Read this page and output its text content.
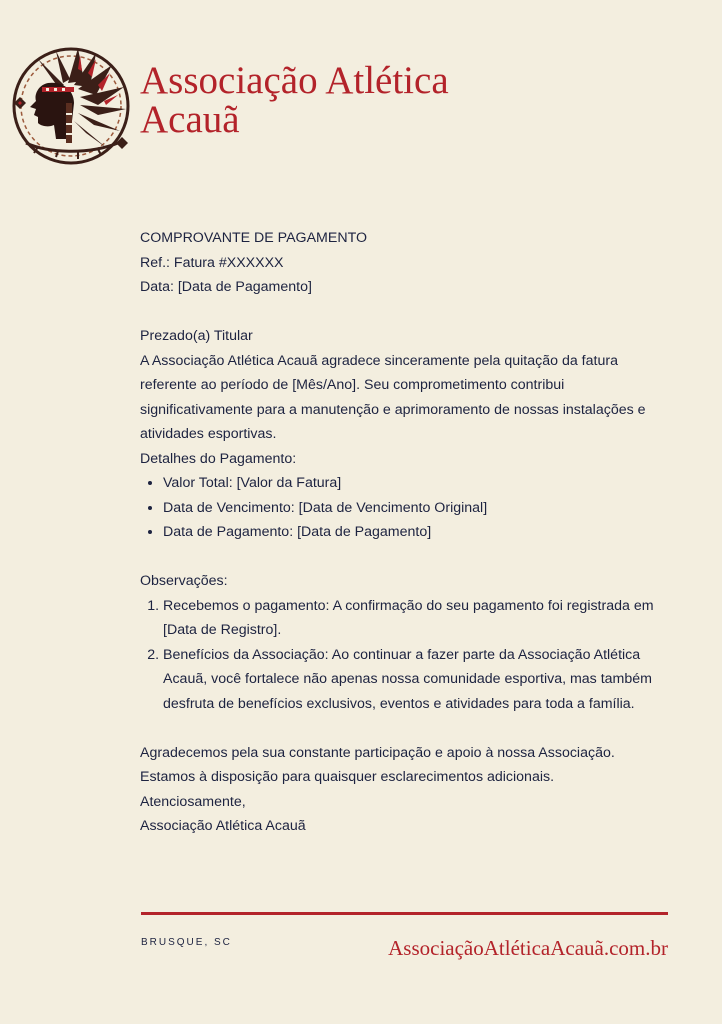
Associação Atlética
Acauã

COMPROVANTE DE PAGAMENTO

Ref.: Fatura #XXXXXX

Data: [Data de Pagamento]

Prezado(a) Titular

A Associação Atlética Acauã agradece sinceramente pela quitação da fatura referente ao período de [Mês/Ano]. Seu comprometimento contribui significativamente para a manutenção e aprimoramento de nossas instalações e atividades esportivas.

Detalhes do Pagamento:

• Valor Total: [Valor da Fatura]
• Data de Vencimento: [Data de Vencimento Original]
• Data de Pagamento: [Data de Pagamento]

Observações:

1. Recebemos o pagamento: A confirmação do seu pagamento foi registrada em [Data de Registro].
2. Benefícios da Associação: Ao continuar a fazer parte da Associação Atlética Acauã, você fortalece não apenas nossa comunidade esportiva, mas também desfruta de benefícios exclusivos, eventos e atividades para toda a família.

Agradecemos pela sua constante participação e apoio à nossa Associação. Estamos à disposição para quaisquer esclarecimentos adicionais.

Atenciosamente,

Associação Atlética Acauã

BRUSQUE, SC	AssociaçãoAtléticaAcauã.com.br
